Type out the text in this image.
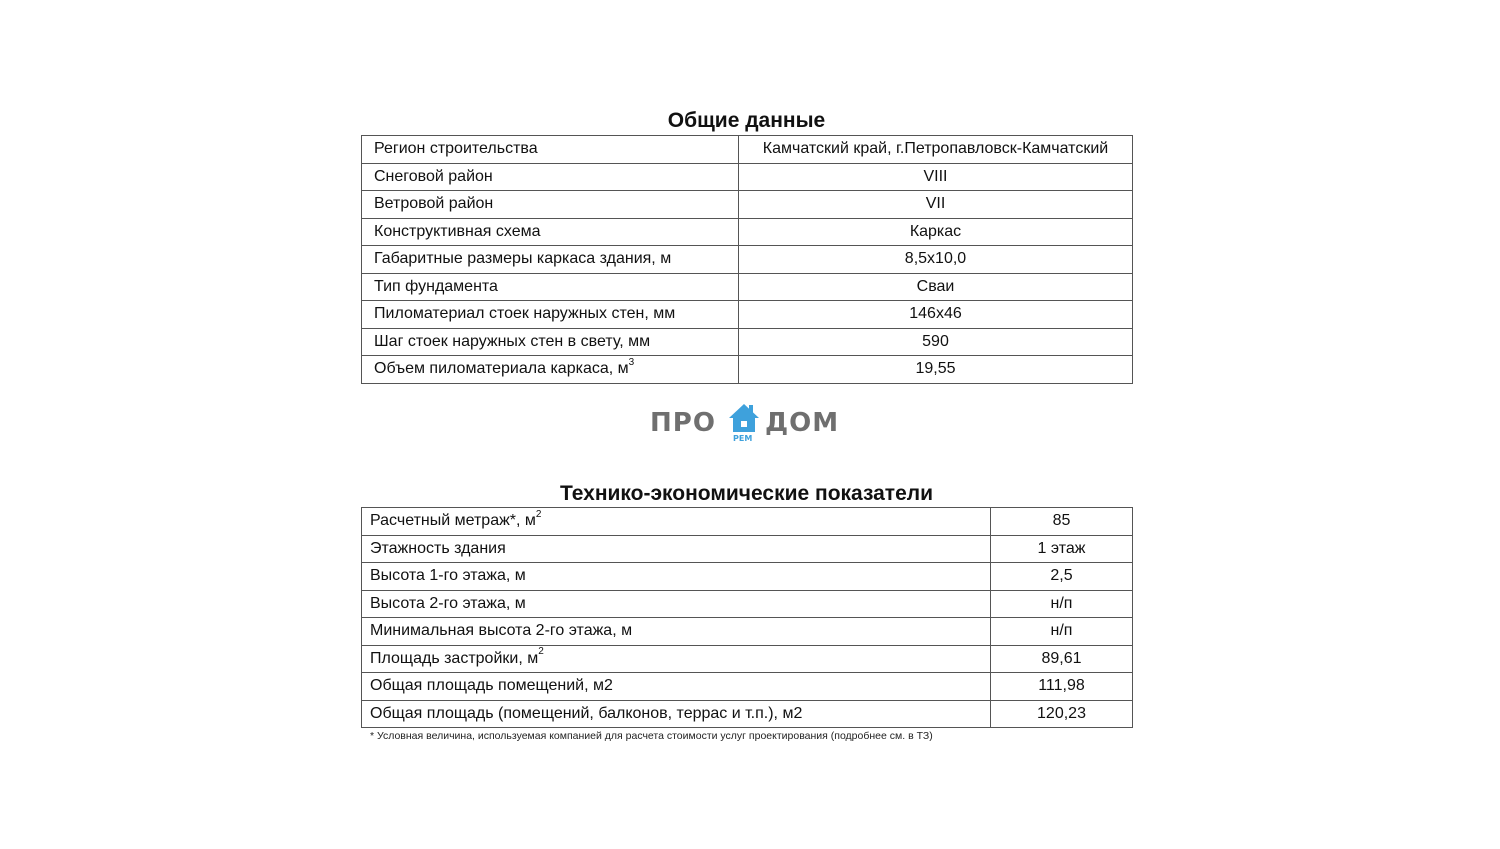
Общие данные
Регион строительства	Камчатский край, г.Петропавловск-Камчатский
Снеговой район	VIII
Ветровой район	VII
Конструктивная схема	Каркас
Габаритные размеры каркаса здания, м	8,5х10,0
Тип фундамента	Сваи
Пиломатериал стоек наружных стен, мм	146х46
Шаг стоек наружных стен в свету, мм	590
Объем пиломатериала каркаса, $м^3$	19,55
ПРО
РЕМ
ДОМ
Технико-экономические показатели
Расчетный метраж*, $м^2$	85
Этажность здания	1 этаж
Высота 1-го этажа, м	2,5
Высота 2-го этажа, м	н/п
Минимальная высота 2-го этажа, м	н/п
Площадь застройки, $м^2$	89,61
Общая площадь помещений, м2	111,98
Общая площадь (помещений, балконов, террас и т.п.), м2	120,23
* Условная величина, используемая компанией для расчета стоимости услуг проектирования (подробнее см. в ТЗ)
